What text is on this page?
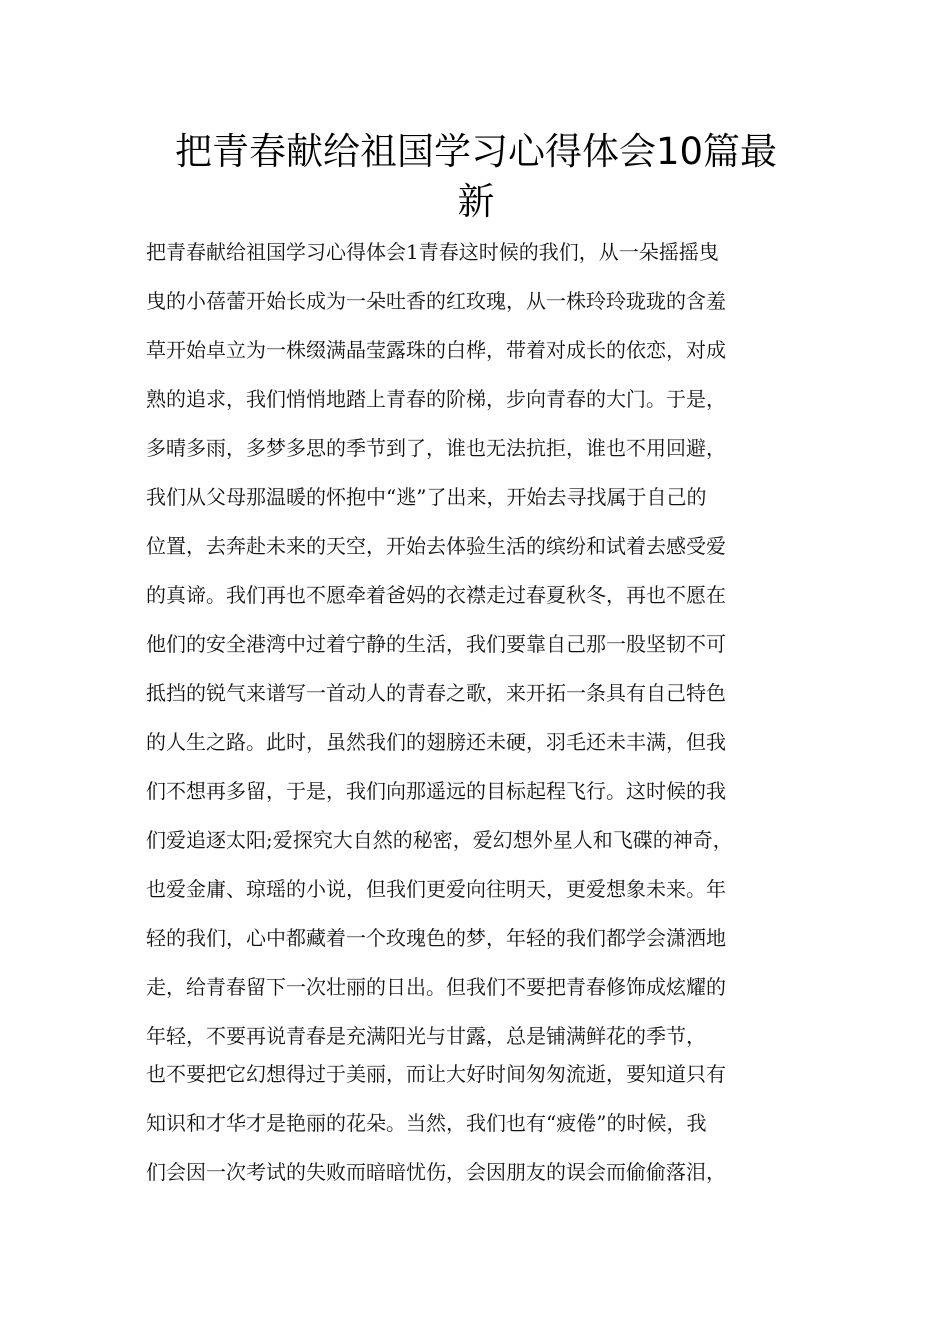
把青春献给祖国学习心得体会10篇最
新
把青春献给祖国学习心得体会1青春这时候的我们，从一朵摇摇曳
曳的小蓓蕾开始长成为一朵吐香的红玫瑰，从一株玲玲珑珑的含羞
草开始卓立为一株缀满晶莹露珠的白桦，带着对成长的依恋，对成
熟的追求，我们悄悄地踏上青春的阶梯，步向青春的大门。于是，
多晴多雨，多梦多思的季节到了，谁也无法抗拒，谁也不用回避，
我们从父母那温暖的怀抱中“逃”了出来，开始去寻找属于自己的
位置，去奔赴未来的天空，开始去体验生活的缤纷和试着去感受爱
的真谛。我们再也不愿牵着爸妈的衣襟走过春夏秋冬，再也不愿在
他们的安全港湾中过着宁静的生活，我们要靠自己那一股坚韧不可
抵挡的锐气来谱写一首动人的青春之歌，来开拓一条具有自己特色
的人生之路。此时，虽然我们的翅膀还未硬，羽毛还未丰满，但我
们不想再多留，于是，我们向那遥远的目标起程飞行。这时候的我
们爱追逐太阳;爱探究大自然的秘密，爱幻想外星人和飞碟的神奇，
也爱金庸、琼瑶的小说，但我们更爱向往明天，更爱想象未来。年
轻的我们，心中都藏着一个玫瑰色的梦，年轻的我们都学会潇洒地
走，给青春留下一次壮丽的日出。但我们不要把青春修饰成炫耀的
年轻，不要再说青春是充满阳光与甘露，总是铺满鲜花的季节，
也不要把它幻想得过于美丽，而让大好时间匆匆流逝，要知道只有
知识和才华才是艳丽的花朵。当然，我们也有“疲倦”的时候，我
们会因一次考试的失败而暗暗忧伤，会因朋友的误会而偷偷落泪，
